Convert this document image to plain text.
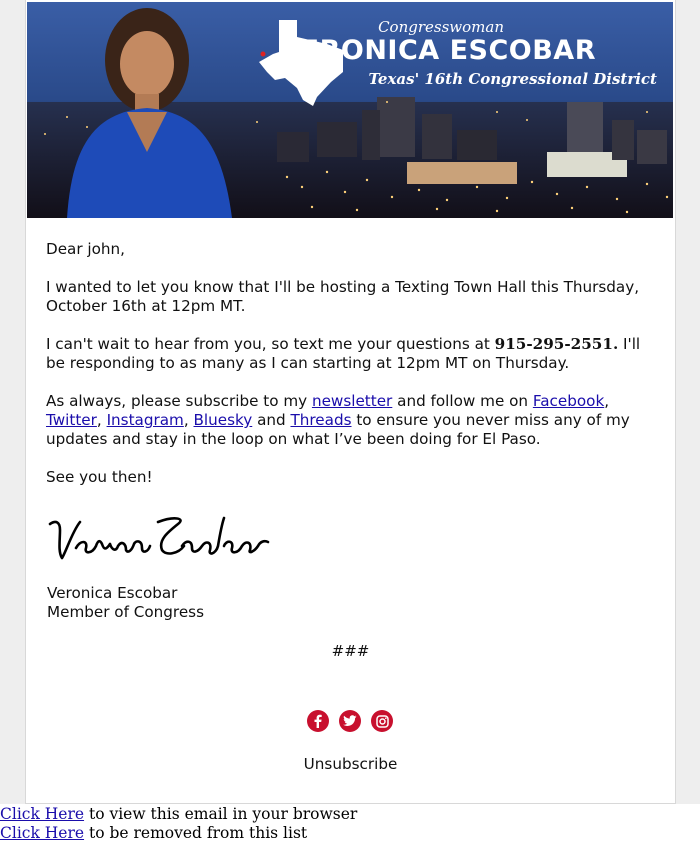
Congresswoman
VERONICA ESCOBAR
Texas' 16th Congressional District

Dear john,

I wanted to let you know that I'll be hosting a Texting Town Hall this Thursday, October 16th at 12pm MT.

I can't wait to hear from you, so text me your questions at 915-295-2551. I'll be responding to as many as I can starting at 12pm MT on Thursday.

As always, please subscribe to my newsletter and follow me on Facebook, Twitter, Instagram, Bluesky and Threads to ensure you never miss any of my updates and stay in the loop on what I’ve been doing for El Paso.

See you then!

Veronica Escobar
Member of Congress
###
Unsubscribe
Click Here to view this email in your browser
Click Here to be removed from this list
